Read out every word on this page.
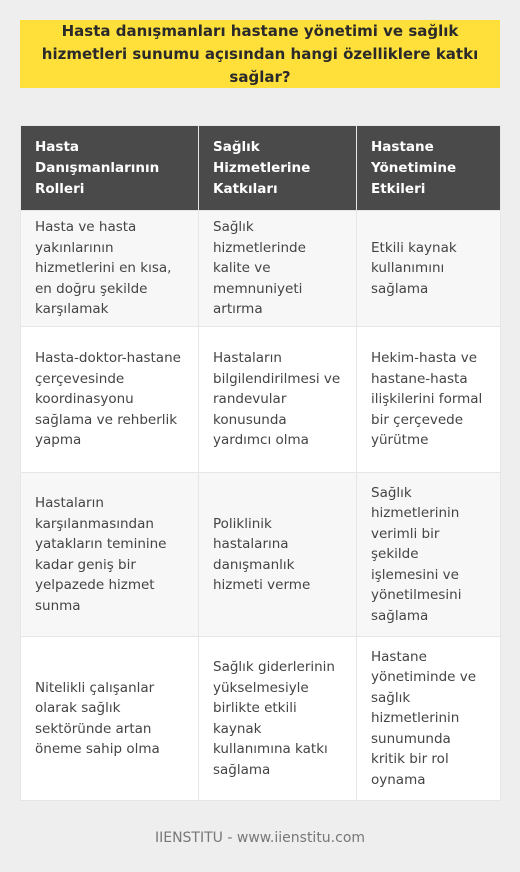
Hasta danışmanları hastane yönetimi ve sağlık hizmetleri sunumu açısından hangi özelliklere katkı sağlar?
Hasta Danışmanlarının Rolleri	Sağlık Hizmetlerine Katkıları	Hastane Yönetimine Etkileri
Hasta ve hasta yakınlarının hizmetlerini en kısa, en doğru şekilde karşılamak	Sağlık hizmetlerinde kalite ve memnuniyeti artırma	Etkili kaynak kullanımını sağlama
Hasta-doktor-hastane çerçevesinde koordinasyonu sağlama ve rehberlik yapma	Hastaların bilgilendirilmesi ve randevular konusunda yardımcı olma	Hekim-hasta ve hastane-hasta ilişkilerini formal bir çerçevede yürütme
Hastaların karşılanmasından yatakların teminine kadar geniş bir yelpazede hizmet sunma	Poliklinik hastalarına danışmanlık hizmeti verme	Sağlık hizmetlerinin verimli bir şekilde işlemesini ve yönetilmesini sağlama
Nitelikli çalışanlar olarak sağlık sektöründe artan öneme sahip olma	Sağlık giderlerinin yükselmesiyle birlikte etkili kaynak kullanımına katkı sağlama	Hastane yönetiminde ve sağlık hizmetlerinin sunumunda kritik bir rol oynama
IIENSTITU - www.iienstitu.com
